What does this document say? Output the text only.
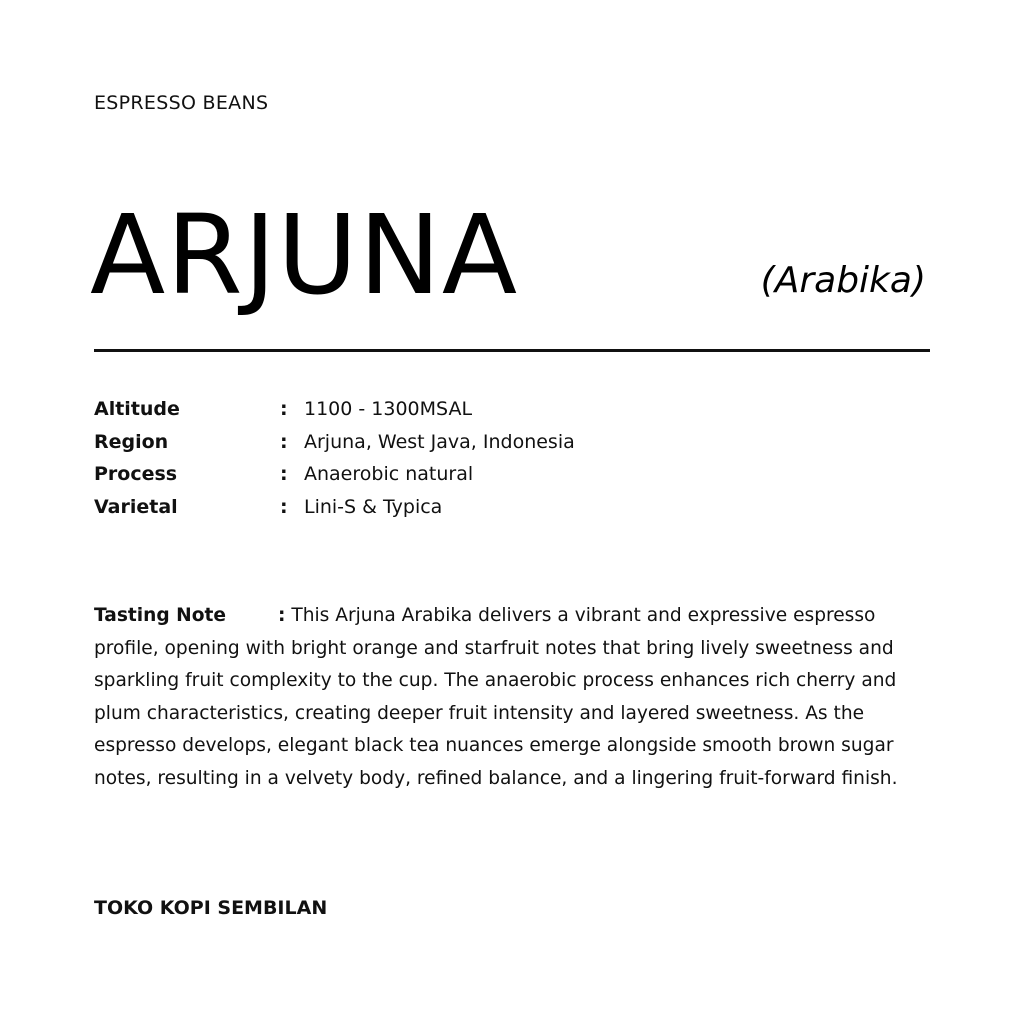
ESPRESSO BEANS
ARJUNA	(Arabika)
Altitude	: 1100 - 1300MSAL
Region	: Arjuna, West Java, Indonesia
Process	: Anaerobic natural
Varietal	: Lini-S & Typica

Tasting Note	: This Arjuna Arabika delivers a vibrant and expressive espresso profile, opening with bright orange and starfruit notes that bring lively sweetness and sparkling fruit complexity to the cup. The anaerobic process enhances rich cherry and plum characteristics, creating deeper fruit intensity and layered sweetness. As the espresso develops, elegant black tea nuances emerge alongside smooth brown sugar notes, resulting in a velvety body, refined balance, and a lingering fruit-forward finish.

TOKO KOPI SEMBILAN
